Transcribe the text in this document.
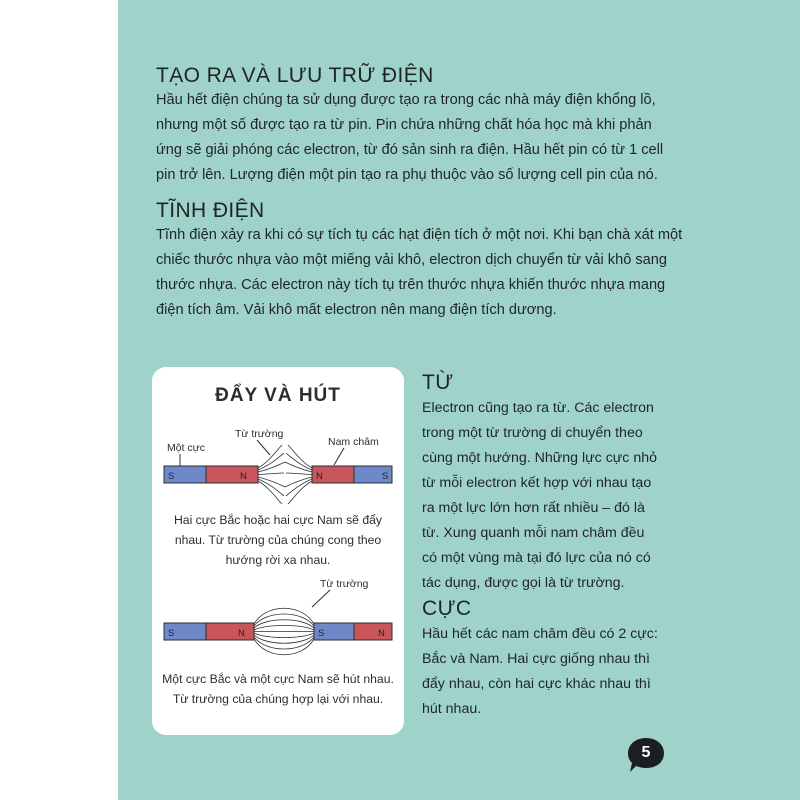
TẠO RA VÀ LƯU TRỮ ĐIỆN

Hầu hết điện chúng ta sử dụng được tạo ra trong các nhà máy điện khổng lồ,
nhưng một số được tạo ra từ pin. Pin chứa những chất hóa học mà khi phản
ứng sẽ giải phóng các electron, từ đó sản sinh ra điện. Hầu hết pin có từ 1 cell
pin trở lên. Lượng điện một pin tạo ra phụ thuộc vào số lượng cell pin của nó.

TĨNH ĐIỆN

Tĩnh điện xảy ra khi có sự tích tụ các hạt điện tích ở một nơi. Khi bạn chà xát một
chiếc thước nhựa vào một miếng vải khô, electron dịch chuyển từ vải khô sang
thước nhựa. Các electron này tích tụ trên thước nhựa khiến thước nhựa mang
điện tích âm. Vải khô mất electron nên mang điện tích dương.

ĐẨY VÀ HÚT
Một cực
Từ trường
Nam châm
S	N	N	S
Từ trường
S	N	S	N

Hai cực Bắc hoặc hai cực Nam sẽ đẩy
nhau. Từ trường của chúng cong theo
hướng rời xa nhau.

Một cực Bắc và một cực Nam sẽ hút nhau.
Từ trường của chúng hợp lại với nhau.

TỪ

Electron cũng tạo ra từ. Các electron
trong một từ trường di chuyển theo
cùng một hướng. Những lực cực nhỏ
từ mỗi electron kết hợp với nhau tạo
ra một lực lớn hơn rất nhiều – đó là
từ. Xung quanh mỗi nam châm đều
có một vùng mà tại đó lực của nó có
tác dụng, được gọi là từ trường.

CỰC

Hầu hết các nam châm đều có 2 cực:
Bắc và Nam. Hai cực giống nhau thì
đẩy nhau, còn hai cực khác nhau thì
hút nhau.

5
